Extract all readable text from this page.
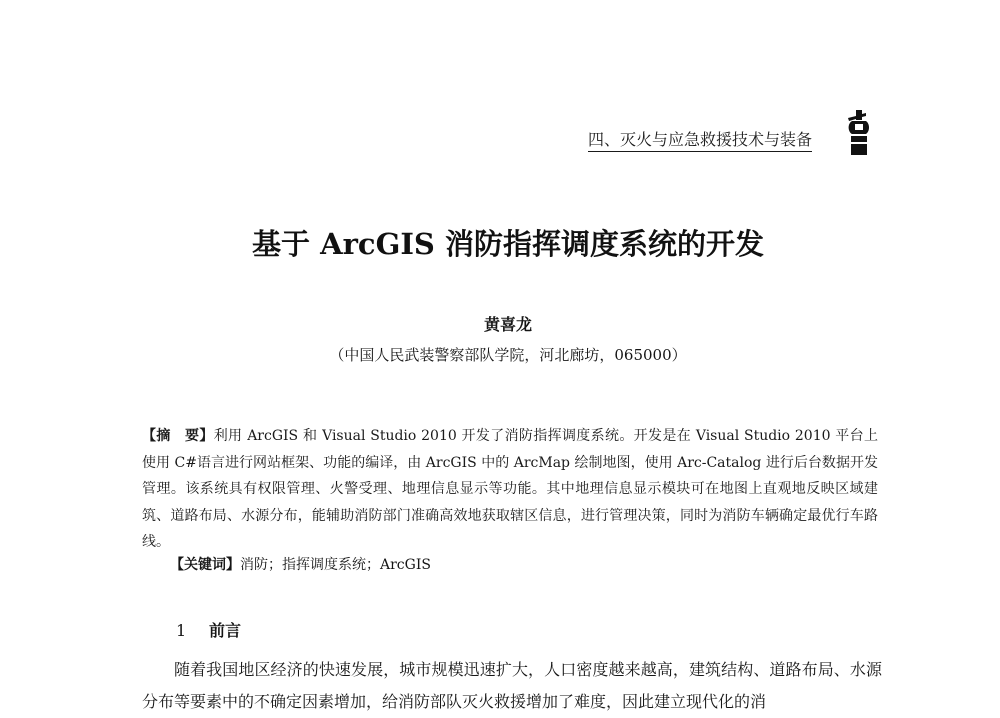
四、灭火与应急救援技术与装备
基于 ArcGIS 消防指挥调度系统的开发
黄喜龙
（中国人民武装警察部队学院，河北廊坊，065000）
【摘　要】利用 ArcGIS 和 Visual Studio 2010 开发了消防指挥调度系统。开发是在 Visual Studio 2010 平台上使用 C#语言进行网站框架、功能的编译，由 ArcGIS 中的 ArcMap 绘制地图，使用 Arc-Catalog 进行后台数据开发管理。该系统具有权限管理、火警受理、地理信息显示等功能。其中地理信息显示模块可在地图上直观地反映区域建筑、道路布局、水源分布，能辅助消防部门准确高效地获取辖区信息，进行管理决策，同时为消防车辆确定最优行车路线。
【关键词】消防；指挥调度系统；ArcGIS
1 前言
随着我国地区经济的快速发展，城市规模迅速扩大，人口密度越来越高，建筑结构、道路布局、水源分布等要素中的不确定因素增加，给消防部队灭火救援增加了难度，因此建立现代化的消
